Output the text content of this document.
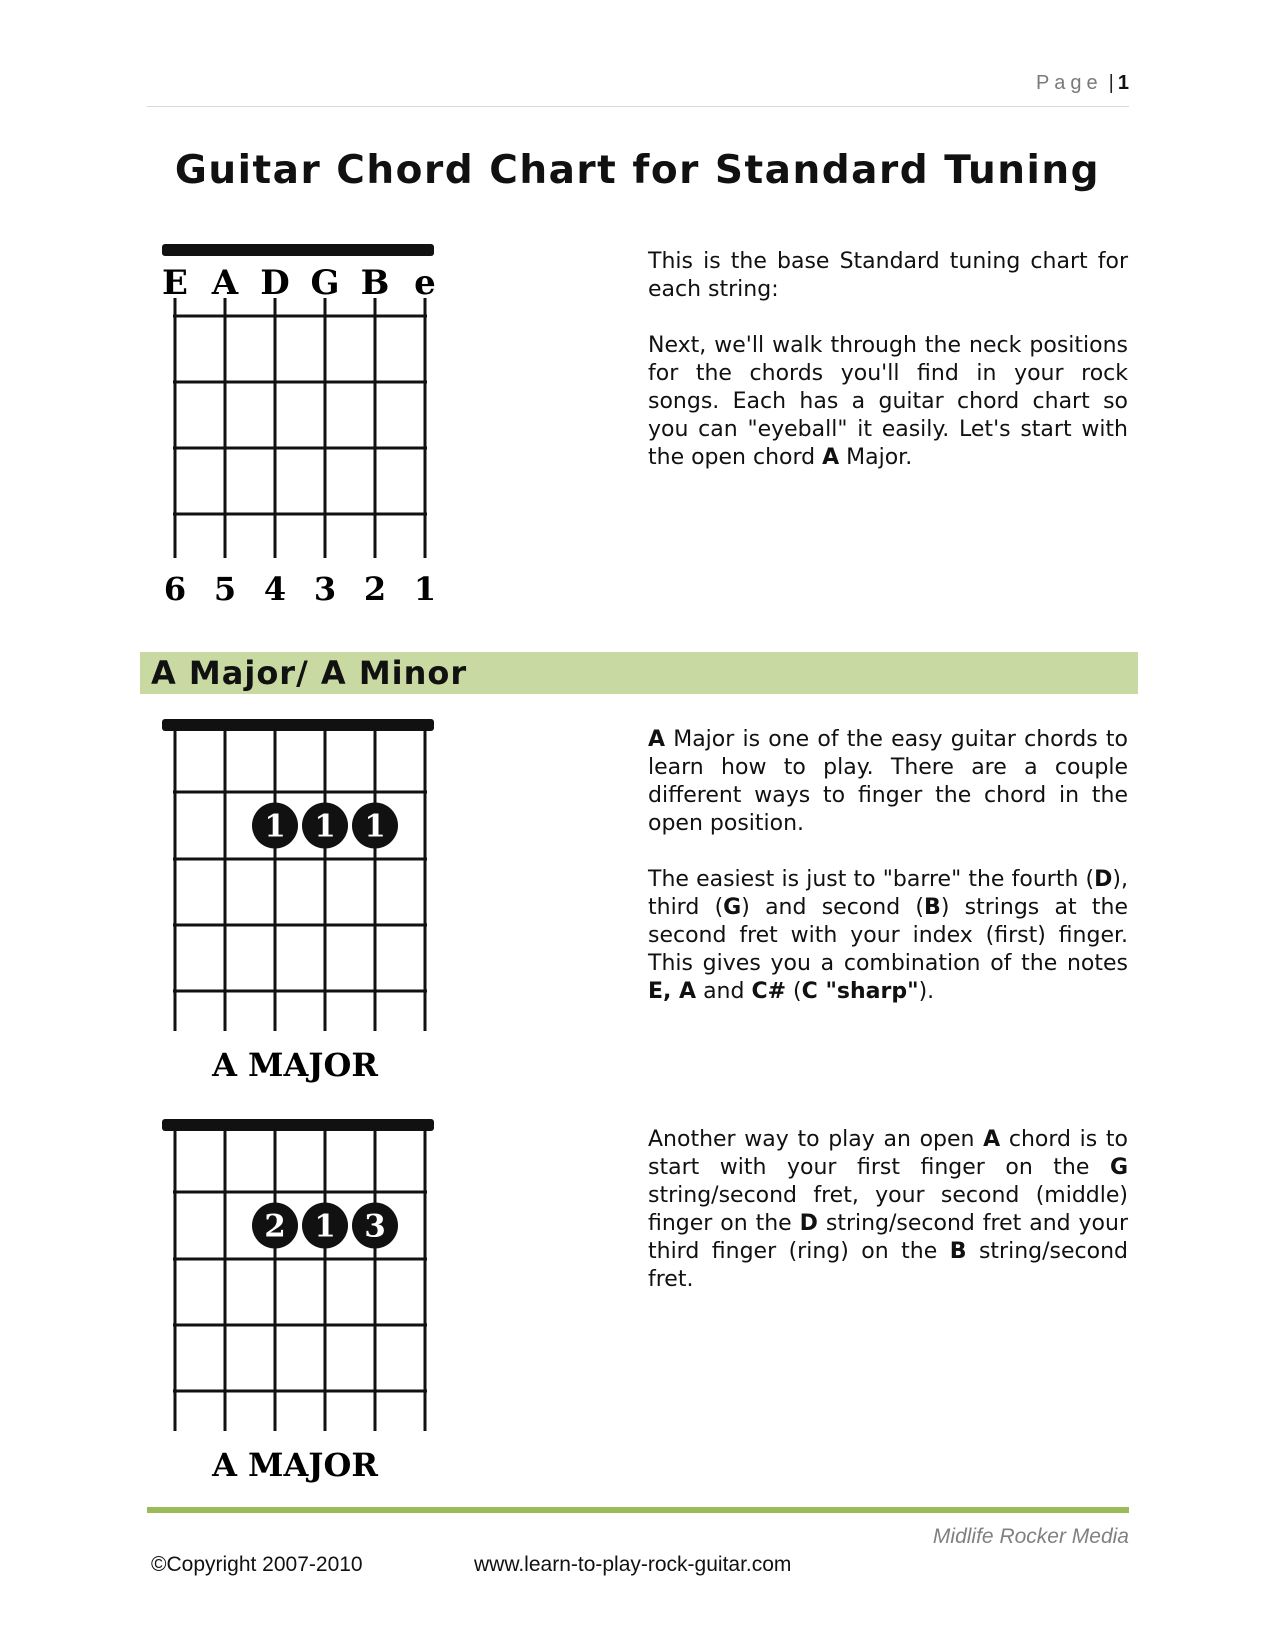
Page | 1
Guitar Chord Chart for Standard Tuning
E A D G B e
6 5 4 3 2 1

This is the base Standard tuning chart for each string:

Next, we'll walk through the neck positions for the chords you'll find in your rock songs. Each has a guitar chord chart so you can "eyeball" it easily. Let's start with the open chord A Major.

A Major/ A Minor
1 1 1
A MAJOR

A Major is one of the easy guitar chords to learn how to play. There are a couple different ways to finger the chord in the open position.

The easiest is just to "barre" the fourth (D), third (G) and second (B) strings at the second fret with your index (first) finger. This gives you a combination of the notes E, A and C# (C "sharp").

2 1 3
A MAJOR

Another way to play an open A chord is to start with your first finger on the G string/second fret, your second (middle) finger on the D string/second fret and your third finger (ring) on the B string/second fret.

Midlife Rocker Media
©Copyright 2007-2010	www.learn-to-play-rock-guitar.com
